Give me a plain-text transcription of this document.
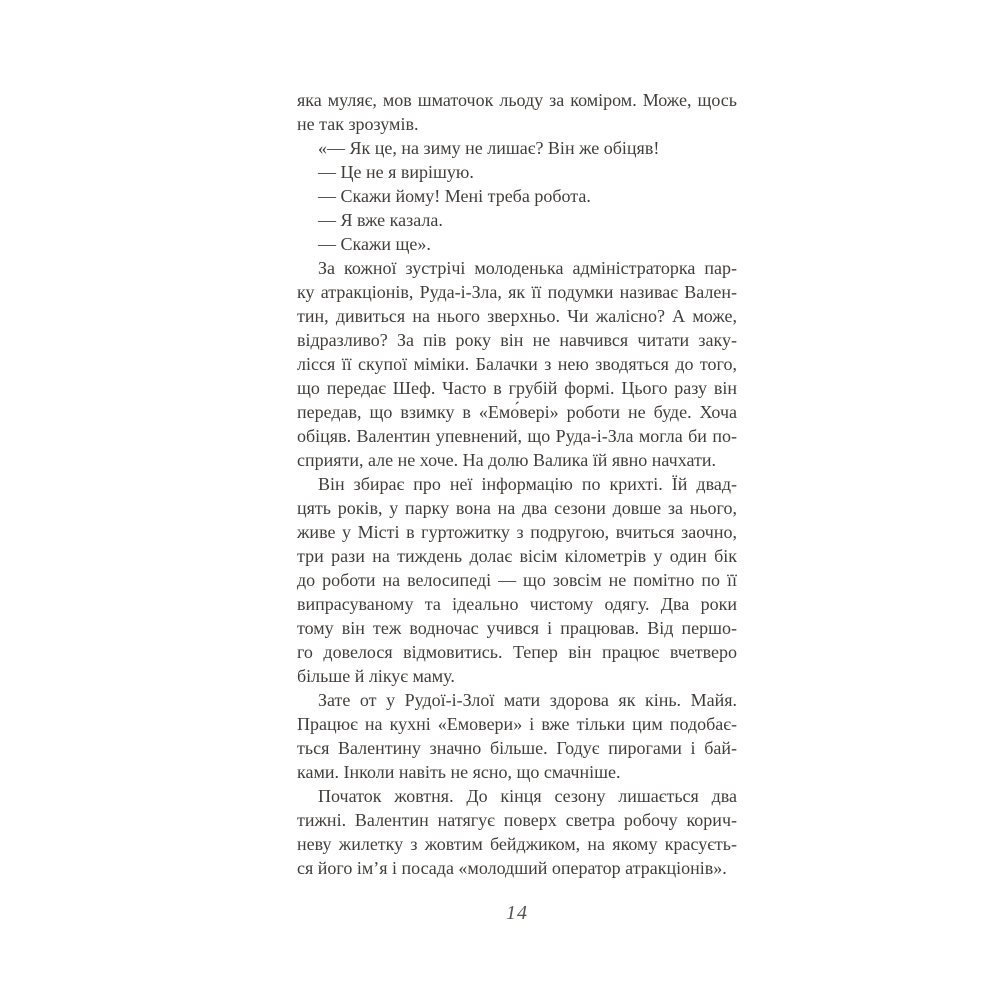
яка муляє, мов шматочок льоду за коміром. Може, щось
не так зрозумів.
«— Як це, на зиму не лишає? Він же обіцяв!
— Це не я вирішую.
— Скажи йому! Мені треба робота.
— Я вже казала.
— Скажи ще».
За кожної зустрічі молоденька адміністраторка пар-
ку атракціонів, Руда-і-Зла, як її подумки називає Вален-
тин, дивиться на нього зверхньо. Чи жалісно? А може,
відразливо? За пів року він не навчився читати заку-
лісся її скупої міміки. Балачки з нею зводяться до того,
що передає Шеф. Часто в грубій формі. Цього разу він
передав, що взимку в «Емо́вері» роботи не буде. Хоча
обіцяв. Валентин упевнений, що Руда-і-Зла могла би по-
сприяти, але не хоче. На долю Валика їй явно начхати.
Він збирає про неї інформацію по крихті. Їй двад-
цять років, у парку вона на два сезони довше за нього,
живе у Місті в гуртожитку з подругою, вчиться заочно,
три рази на тиждень долає вісім кілометрів у один бік
до роботи на велосипеді — що зовсім не помітно по її
випрасуваному та ідеально чистому одягу. Два роки
тому він теж водночас учився і працював. Від першо-
го довелося відмовитись. Тепер він працює вчетверо
більше й лікує маму.
Зате от у Рудої-і-Злої мати здорова як кінь. Майя.
Працює на кухні «Емовери» і вже тільки цим подобає-
ться Валентину значно більше. Годує пирогами і бай-
ками. Інколи навіть не ясно, що смачніше.
Початок жовтня. До кінця сезону лишається два
тижні. Валентин натягує поверх светра робочу корич-
неву жилетку з жовтим бейджиком, на якому красуєть-
ся його ім’я і посада «молодший оператор атракціонів».
14
